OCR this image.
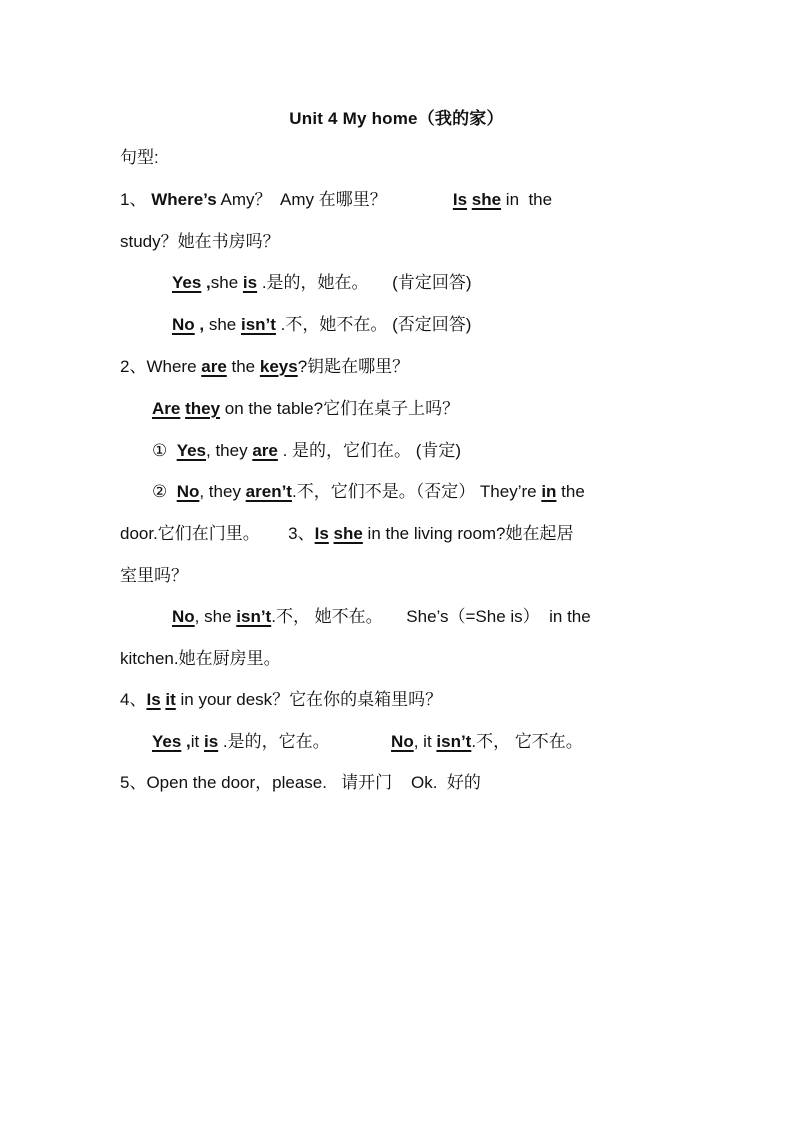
Unit 4 My home（我的家）
句型:
1、 Where’s Amy？  Amy 在哪里？              Is she in  the
study？她在书房吗？
Yes ,she is .是的，她在。     (肯定回答)
No , she isn’t .不，她不在。 (否定回答)
2、Where are the keys?钥匙在哪里？
Are they on the table?它们在桌子上吗？
①  Yes, they are . 是的，它们在。 (肯定)
②  No, they aren’t.不，它们不是。（否定） They’re in the
door.它们在门里。      3、Is she in the living room?她在起居
室里吗？
No, she isn’t.不， 她不在。     She’s（=She is）  in the
kitchen.她在厨房里。
4、Is it in your desk？它在你的桌箱里吗？
Yes ,it is .是的，它在。             No, it isn’t.不， 它不在。
5、Open the door，please.   请开门    Ok.  好的
